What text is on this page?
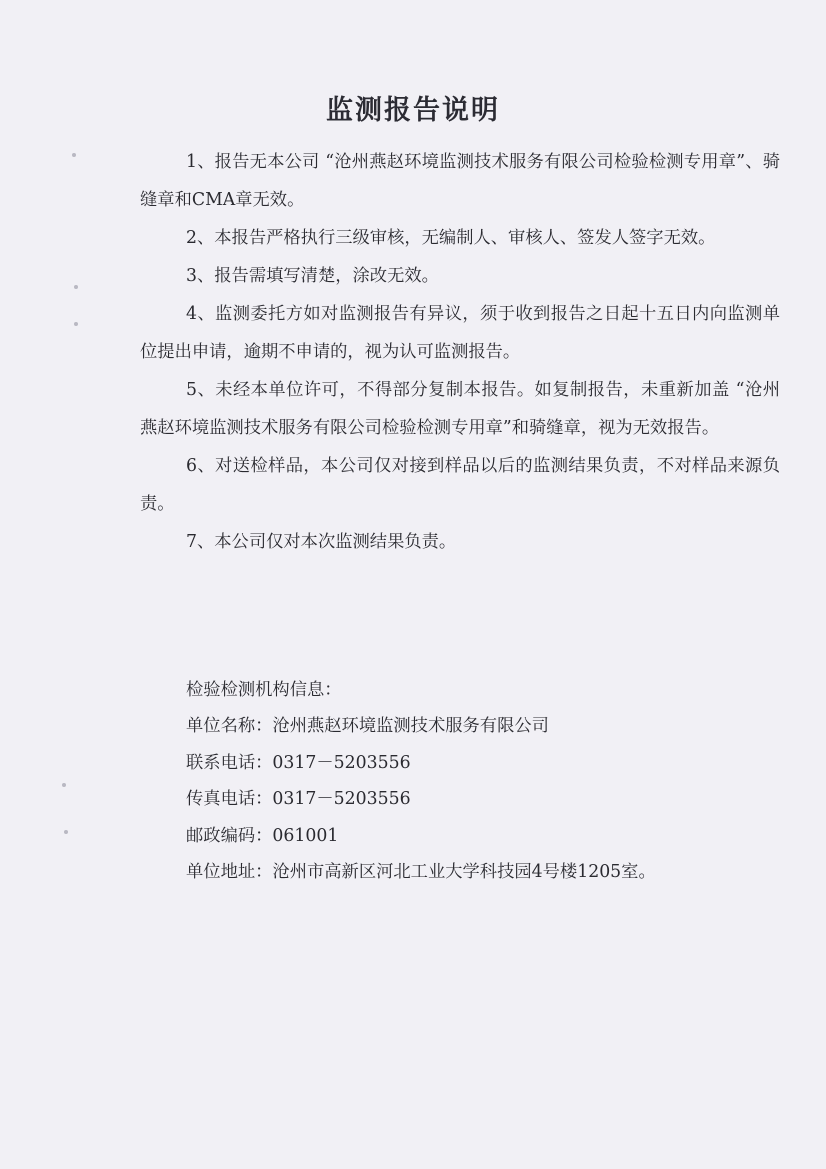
监测报告说明

1、报告无本公司 “沧州燕赵环境监测技术服务有限公司检验检测专用章”、骑缝章和CMA章无效。

2、本报告严格执行三级审核，无编制人、审核人、签发人签字无效。

3、报告需填写清楚，涂改无效。

4、监测委托方如对监测报告有异议，须于收到报告之日起十五日内向监测单位提出申请，逾期不申请的，视为认可监测报告。

5、未经本单位许可，不得部分复制本报告。如复制报告，未重新加盖 “沧州燕赵环境监测技术服务有限公司检验检测专用章”和骑缝章，视为无效报告。

6、对送检样品，本公司仅对接到样品以后的监测结果负责，不对样品来源负责。

7、本公司仅对本次监测结果负责。

检验检测机构信息：
单位名称：沧州燕赵环境监测技术服务有限公司
联系电话：0317－5203556
传真电话：0317－5203556
邮政编码：061001
单位地址：沧州市高新区河北工业大学科技园4号楼1205室。
